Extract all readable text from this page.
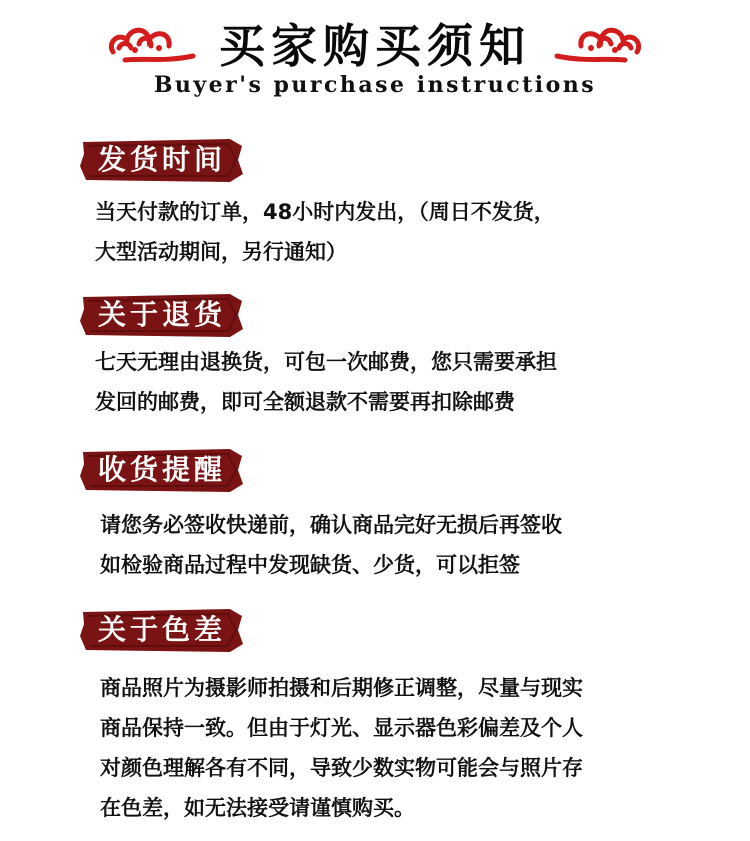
买家购买须知
Buyer's purchase instructions
发货时间

当天付款的订单，48小时内发出，（周日不发货，

大型活动期间，另行通知）

关于退货

七天无理由退换货，可包一次邮费，您只需要承担

发回的邮费，即可全额退款不需要再扣除邮费

收货提醒

请您务必签收快递前，确认商品完好无损后再签收

如检验商品过程中发现缺货、少货，可以拒签

关于色差

商品照片为摄影师拍摄和后期修正调整，尽量与现实

商品保持一致。但由于灯光、显示器色彩偏差及个人

对颜色理解各有不同，导致少数实物可能会与照片存

在色差，如无法接受请谨慎购买。
